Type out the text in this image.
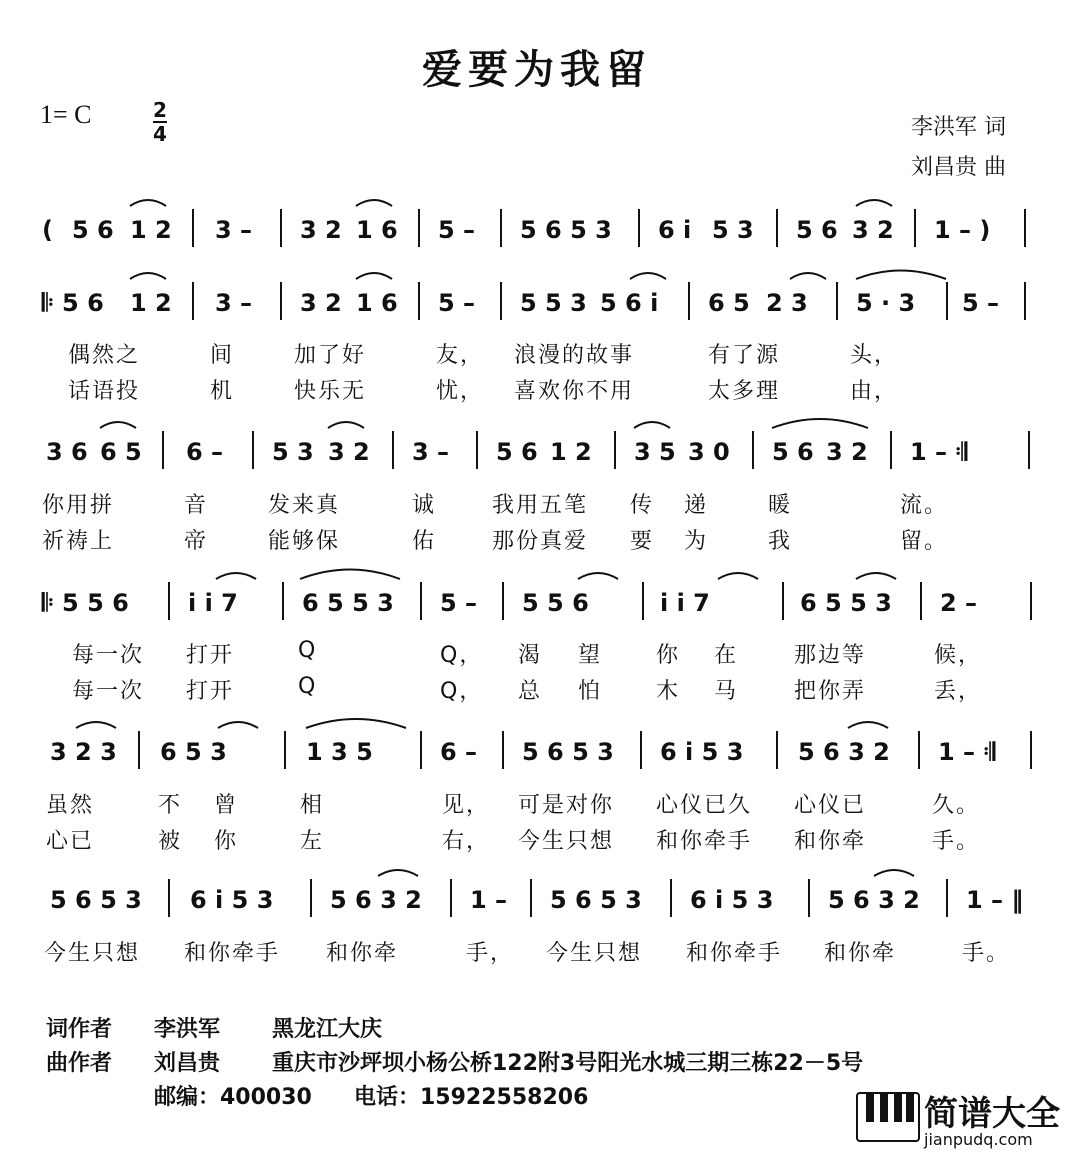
爱要为我留
1= C	2
4	李洪军 词
刘昌贵 曲
( 5 6 1 2 3 – 3 2 1 6 5 – 5 6 5 3 6 i 5 3 5 6 3 2 1 – )
𝄆 5 6 1 2 3 – 3 2 1 6 5 – 5 5 3 5 6 i 6 5 2 3 5 · 3 5 –
偶然之	间	加了好	友， 浪漫的故事	有了源	头，
话语投	机	快乐无	忧， 喜欢你不用	太多理	由，
3 6 6 5 6 – 5 3 3 2 3 – 5 6 1 2 3 5 3 0 5 6 3 2 1 – 𝄇
你用拼	音	发来真	诚	我用五笔 传 递	暖	流。
祈祷上	帝	能够保	佑	那份真爱 要 为	我	留。
𝄆 5 5 6 i i 7	6 5 5 3 5 – 5 5 6	i i 7	6 5 5 3 2 –
每一次 打开	Q	Q， 渴 望 你 在	那边等	候，
每一次 打开	Q	Q， 总 怕 木 马	把你弄	丢，
3 2 3 6 5 3	1 3 5	6 – 5 6 5 3 6 i 5 3 5 6 3 2 1 – 𝄇
虽然	不 曾	相	见， 可是对你 心仪已久 心仪已	久。
心已	被 你	左	右， 今生只想 和你牵手 和你牵	手。
5 6 5 3 6 i 5 3 5 6 3 2 1 – 5 6 5 3 6 i 5 3 5 6 3 2 1 – ‖
今生只想 和你牵手 和你牵	手， 今生只想 和你牵手 和你牵	手。
词作者 李洪军 黑龙江大庆
曲作者 刘昌贵 重庆市沙坪坝小杨公桥122附3号阳光水城三期三栋22－5号
邮编：400030 电话：15922558206	简谱大全
jianpudq.com
